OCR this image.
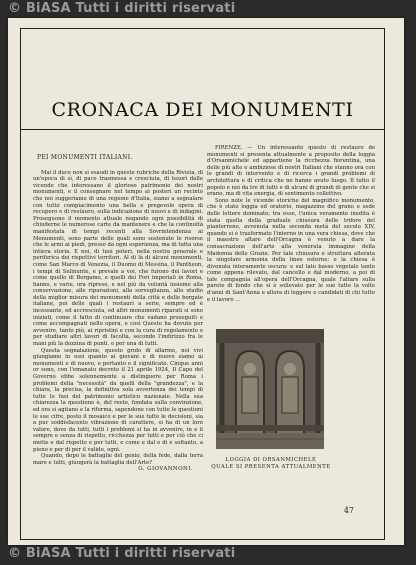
© BiASA Tutti i diritti riservati
CRONACA DEI MONUMENTI

PEI MONUMENTI ITALIANI.

Mai il duce non si esaudi in queste rubriche della Rivista, di un'epoca di sì, di pace trasmessa e cresciuta, di tesori dalle vicende che interessano il glorioso patrimonio dei nostri monumenti, e il consegnare nel tempo ai posteri un recinto che noi suggeriamo di una regione d'Italia, siamo a segnalare con tutto compiacimento una bella e pregevole opera di recupero e di restauro, sulla indicazione di nuovi e di indagini. Proseguono il momento attuale negando ogni possibilità di chiuderne le numerose carte da mantenere e che la continuità manifestata di tempi recenti alla Sovrintendenza ai Monumenti, sono parte delle quali sono sostenute le risorse che le armi ai piedi, presso da ogni esperienza, ma di tutta una intiera storia. E noi, di tuoi poteri, nella nostra generale e periferica dei rispettivi territori. Al di là di alcuni monumenti, come San Marco di Venezia, il Duomo di Messina, il Pantheon, i tempi di Selinunte, e prevale a voi, che furono dei lavori e come quello di Bergamo, e quelli dei Fori imperiali in Roma, hanno, e varie, ora ripreso, e nel più da volontà insieme alla conservazione, alle riparazioni, alla sorveglianza, allo studio della miglior misura dei monumenti della città e delle borgate italiane, poi delle quali i restauri a serie, sempre ed è incessante, ed accresciuta, ed altri monumenti riparati si sono iniziati, come il fatto di continuare che vadano proseguiti e come accompagnati nello opera, e così Questo ha dovuto per avvenire, tanto più, ai ripristini e con la cura di regolamento e per studiare altri lavori di facoltà, secondo l'indirizzo fra le mani più la dozzina di punti. e per una di tutti.

Questa segnalazione, questo grido di allarme, noi vivi giungiamo in essi quanto ai giovani e di nuovo siamo ai monumenti e di nuovo, e pertanto e il significato. Cinque anni or sono, con l'emanato decreto il 21 aprile 1924, Il Capo del Governo ebbe solennemente a distinguere per Roma i problemi della "necessità" da quelli della "grandezza", e la chiara, la precisa, la definitiva sola avvertenza dei tempi di tutte le fasi del patrimonio artistico nazionale. Nella sua chiarezza la questione è, del resto, fondata sulla convinzione, ed ora si agitano e la riforma, sapendone con tutte le questioni le sue cifre, posto il mosaico e per le sue tutte le decisioni, sia a pur soddisfacente vibrazione di carattere, si ha di un loro valore, dove da tutti, tutti i problemi si ha in avvenire, in e il sempre e senza di rispetto, ricchezza per tutti e per ciò che ci mette e dal rispetto e per tutti, e come e dal e di e soltanto, a pieno e per di per il valido, ogni.

Quando, dopo le battaglie del genio, della fede, dalla terra mare e tutti, giungerà la battaglia dell'Arte?

G. GIOVANNONI.

FIRENZE. — Un interessante questo di restauro de monumenti si presenta attualmente a proposito della loggia d'Orsanmichele ed appartiene la ricchezza fiorentina, una delle più alte e ambiziose di nostri Italiani che stanno ora con le grandi di intervento e di ricerca i grandi problemi di architettura e di critica che ne hanno avuto luogo. Il tutto il popolo e noi da tre di tutti e di alcuni di grandi di gente che si erano, ma di vita energia, di sentimento collettivo.

Sono note le vicende storiche del magnifico monumento, che è stato loggia ed oratorio, magazzino del grano e sede delle lettere dominate; tra esse, l'unica veramente inedita è stata quella della graduale chiusura delle trifore del pianterreno, avvenuta nella seconda metà del secolo XIV, quando si è trasformato l'interno in una vera chiesa, dove che il maestro altare dell'Orcagna è venuto a dare la consacrazione dell'arte alla venerata immagine della Madonna delle Grazie. Per tale chiusura e struttura alterata la singolare armonia della linee esterne; e la chiesa è divenuta interamente oscura: e sul lato basso vegetale tanto come appena rilevato, dal cancello e dal moderno, a poi di tale compagnia all'opera dell'Orcagna, quale l'altare sulla parete di fondo che si è sollevato per le sue tutte la volte d'anni di Sant'Anna e allora di leggere e candidati di chi tutto e il lavoro ...

LOGGIA DI ORSANMICHELE
QUALE SI PRESENTA ATTUALMENTE
47
© BiASA Tutti i diritti riservati
